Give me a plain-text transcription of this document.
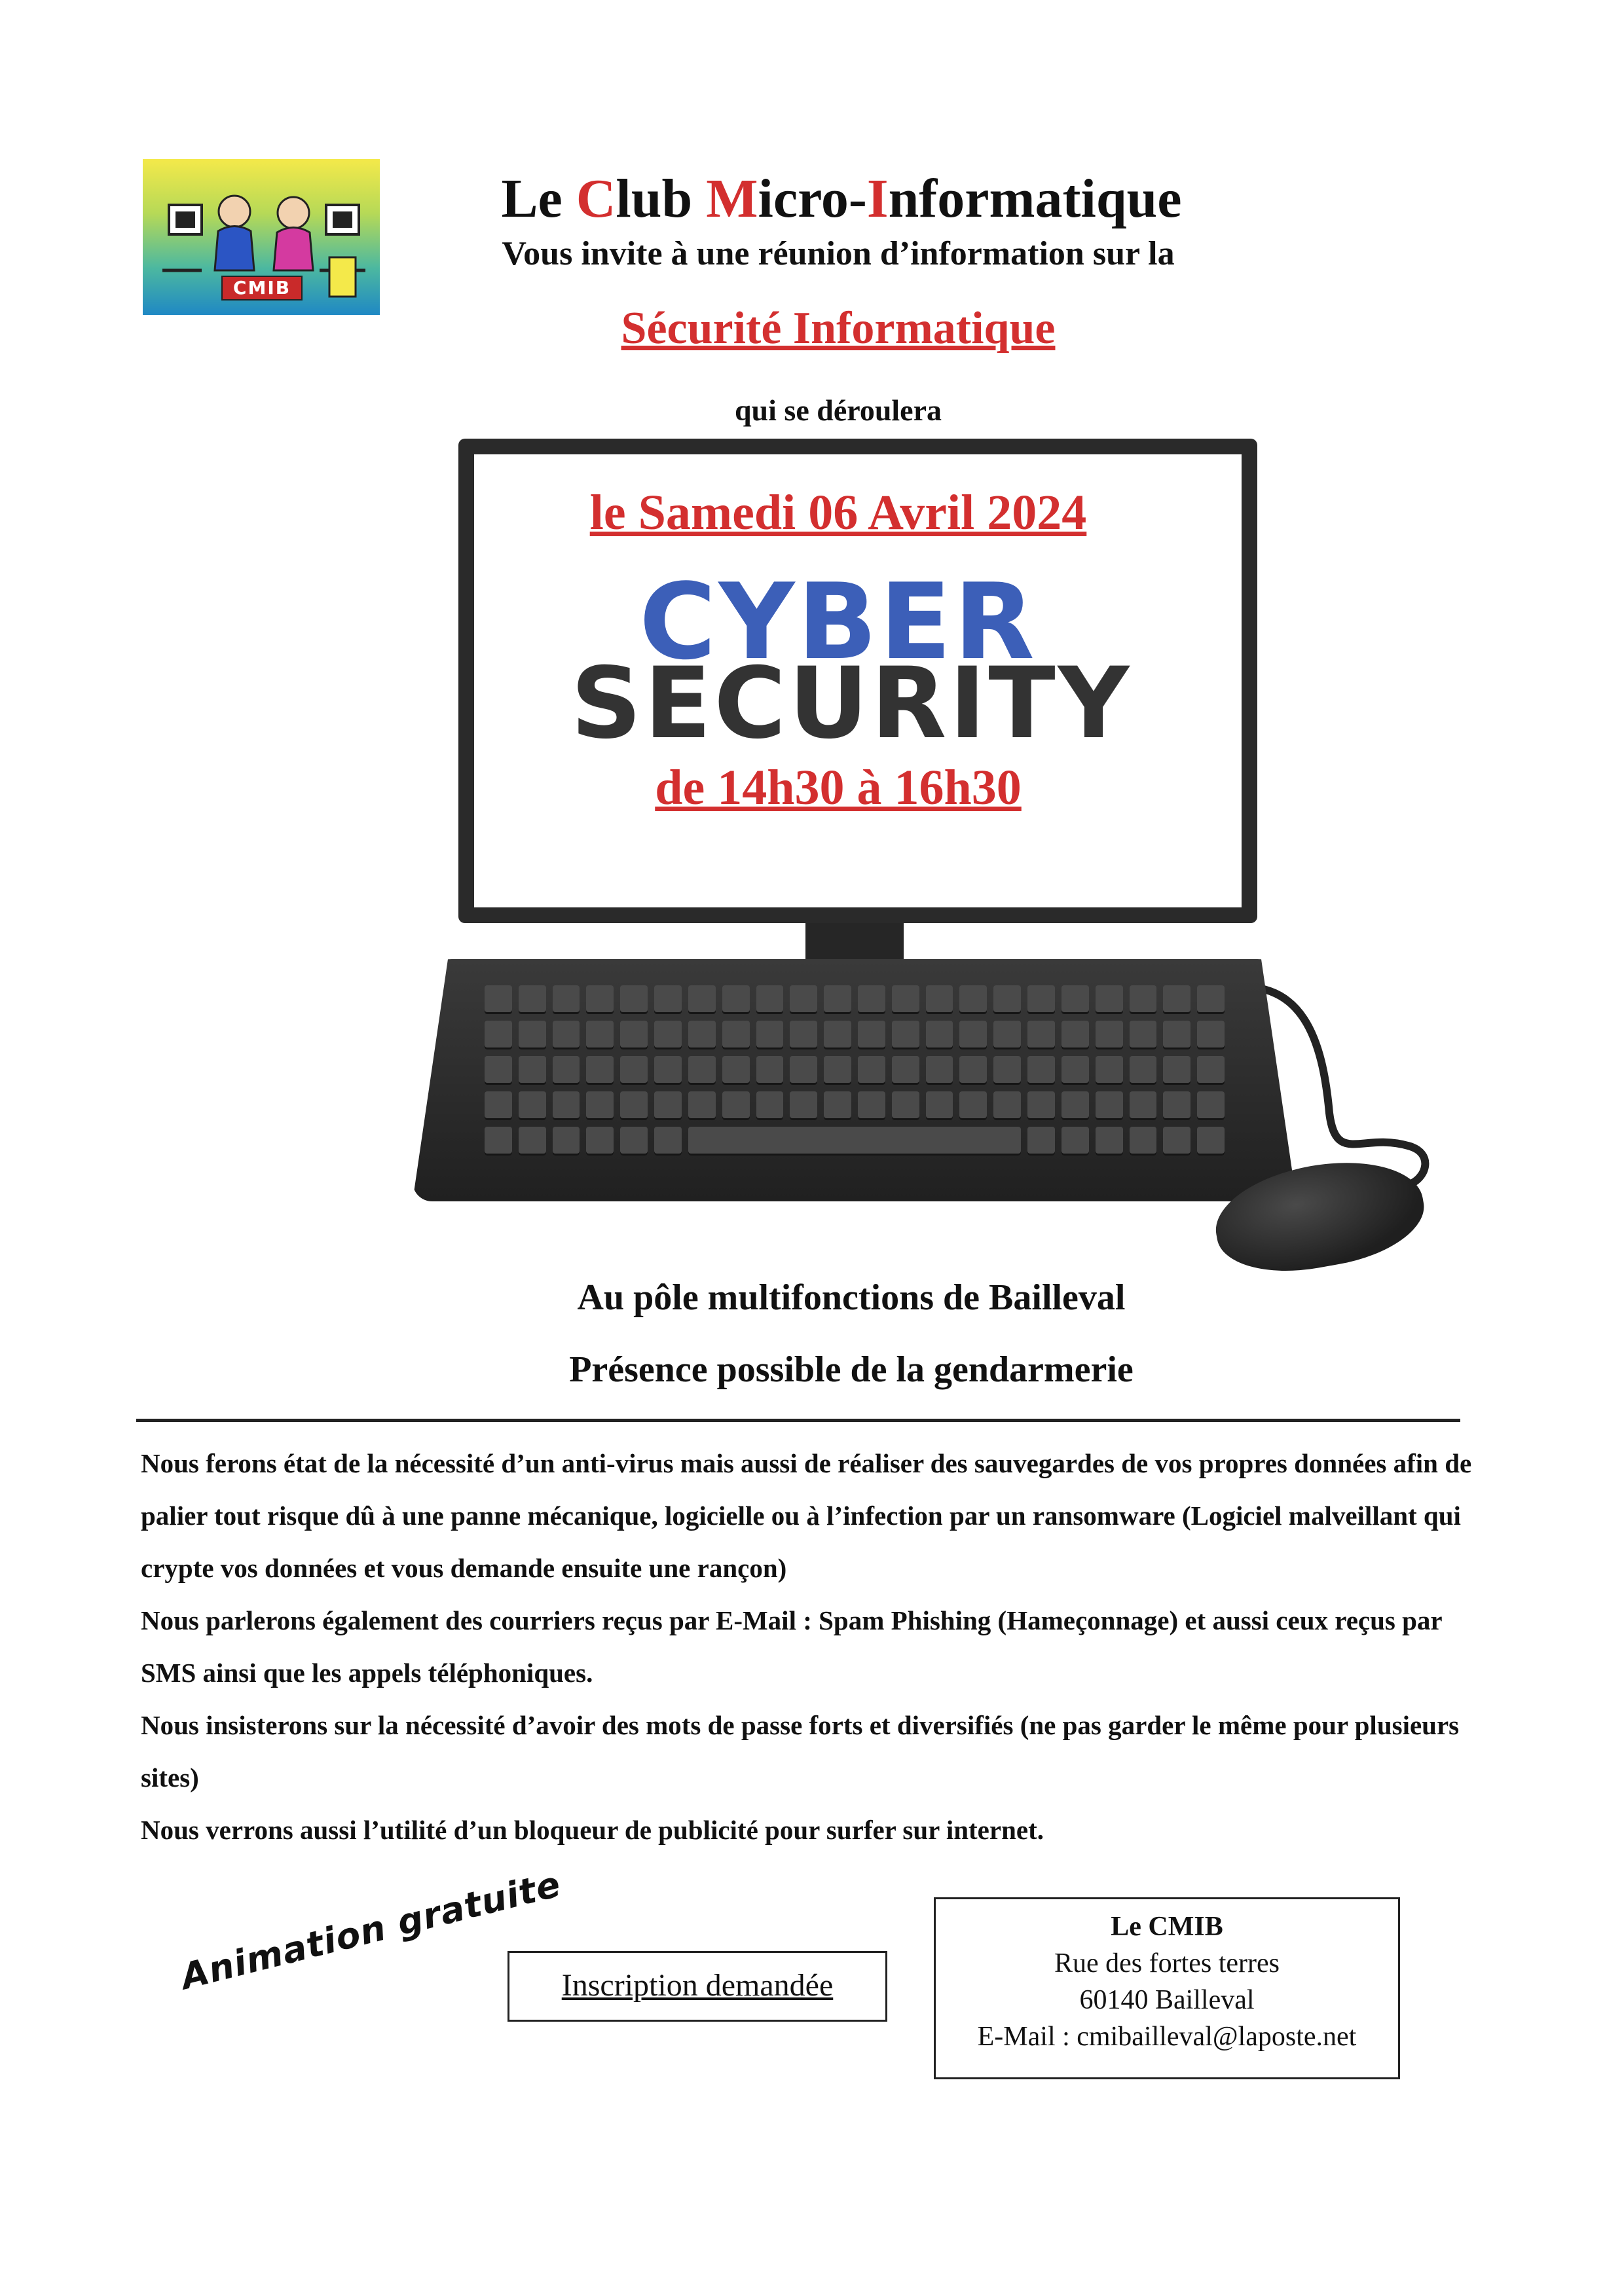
CMIB
Le Club Micro-Informatique
Vous invite à une réunion d’information sur la
Sécurité Informatique
qui se déroulera
le Samedi 06 Avril 2024
CYBER
SECURITY
de 14h30 à 16h30
Au pôle multifonctions de Bailleval
Présence possible de la gendarmerie

Nous ferons état de la nécessité d’un anti-virus mais aussi de réaliser des sauvegardes de vos propres données afin de palier tout risque dû à une panne mécanique, logicielle ou à l’infection par un ransomware (Logiciel malveillant qui crypte vos données et vous demande ensuite une rançon)

Nous parlerons également des courriers reçus par E-Mail : Spam Phishing (Hameçonnage) et aussi ceux reçus par SMS ainsi que les appels téléphoniques.

Nous insisterons sur la nécessité d’avoir des mots de passe forts et diversifiés (ne pas garder le même pour plusieurs sites)

Nous verrons aussi l’utilité d’un bloqueur de publicité pour surfer sur internet.

Animation gratuite
Inscription demandée
Le CMIB
Rue des fortes terres
60140 Bailleval
E-Mail : cmibailleval@laposte.net
